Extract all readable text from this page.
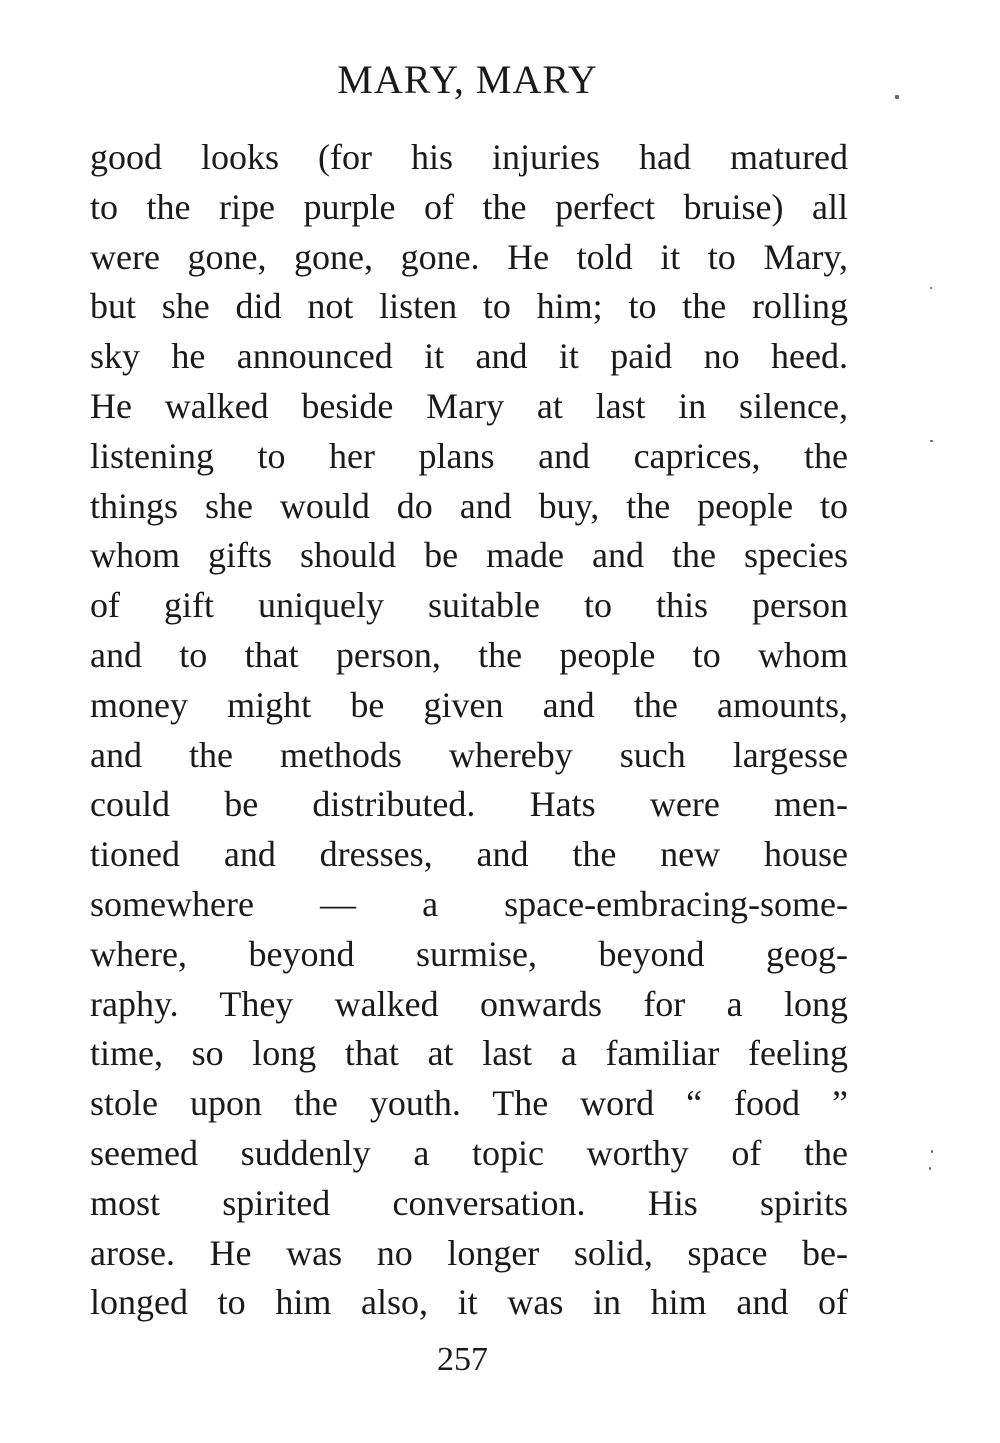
MARY, MARY
good looks (for his injuries had matured
to the ripe purple of the perfect bruise) all
were gone, gone, gone. He told it to Mary,
but she did not listen to him; to the rolling
sky he announced it and it paid no heed.
He walked beside Mary at last in silence,
listening to her plans and caprices, the
things she would do and buy, the people to
whom gifts should be made and the species
of gift uniquely suitable to this person
and to that person, the people to whom
money might be given and the amounts,
and the methods whereby such largesse
could be distributed. Hats were men-
tioned and dresses, and the new house
somewhere — a space-embracing-some-
where, beyond surmise, beyond geog-
raphy. They walked onwards for a long
time, so long that at last a familiar feeling
stole upon the youth. The word “ food ”
seemed suddenly a topic worthy of the
most spirited conversation. His spirits
arose. He was no longer solid, space be-
longed to him also, it was in him and of
257
